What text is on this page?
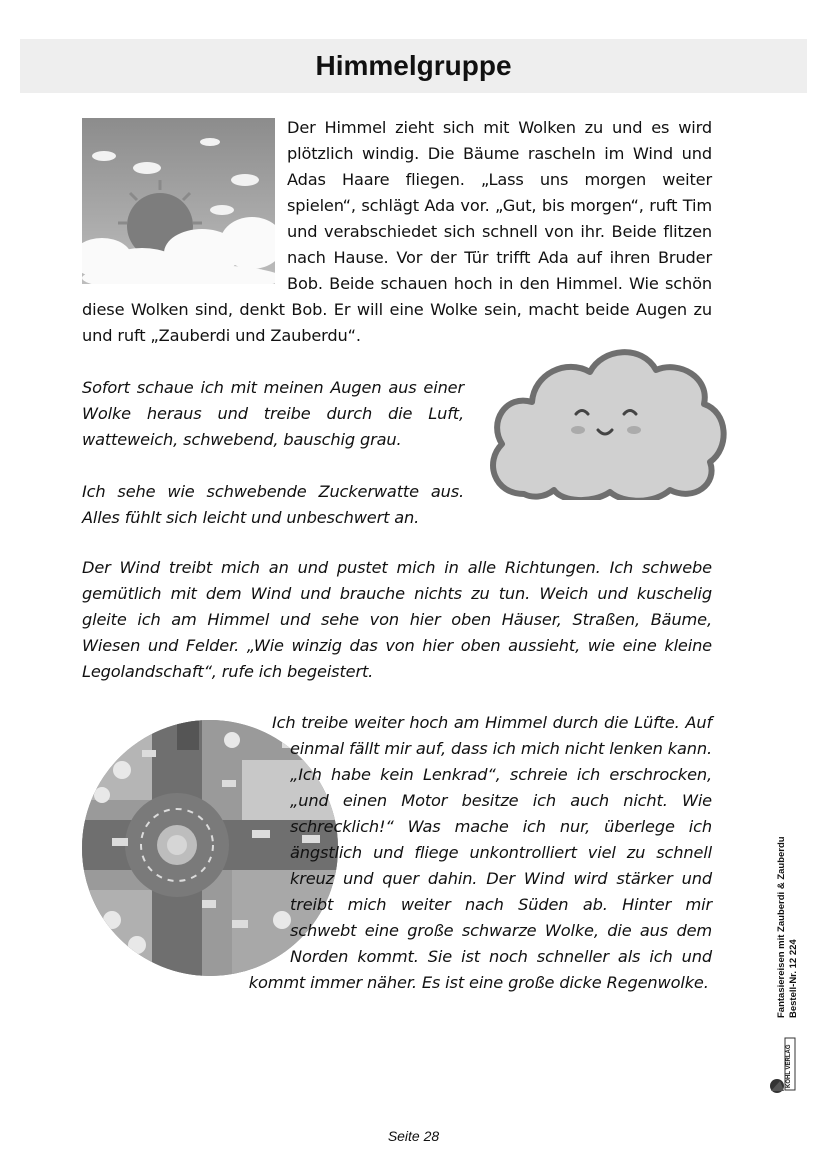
Himmelgruppe

Der Himmel zieht sich mit Wolken zu und es wird plötzlich windig. Die Bäume rascheln im Wind und Adas Haare fliegen. „Lass uns morgen weiter spielen“, schlägt Ada vor. „Gut, bis morgen“, ruft Tim und verabschiedet sich schnell von ihr. Beide flitzen nach Hause. Vor der Tür trifft Ada auf ihren Bruder Bob. Beide schauen hoch in den Himmel. Wie schön diese Wolken sind, denkt Bob. Er will eine Wolke sein, macht beide Augen zu und ruft „Zauberdi und Zauberdu“.

Sofort schaue ich mit meinen Augen aus einer Wolke heraus und treibe durch die Luft, watteweich, schwebend, bauschig grau.

Ich sehe wie schwebende Zuckerwatte aus. Alles fühlt sich leicht und unbeschwert an.

Der Wind treibt mich an und pustet mich in alle Richtungen. Ich schwebe gemütlich mit dem Wind und brauche nichts zu tun. Weich und kuschelig gleite ich am Himmel und sehe von hier oben Häuser, Straßen, Bäume, Wiesen und Felder. „Wie winzig das von hier oben aussieht, wie eine kleine Legolandschaft“, rufe ich begeistert.

Ich treibe weiter hoch am Himmel durch die Lüfte. Auf einmal fällt mir auf, dass ich mich nicht lenken kann. „Ich habe kein Lenkrad“, schreie ich erschrocken, „und einen Motor besitze ich auch nicht. Wie schrecklich!“ Was mache ich nur, überlege ich ängstlich und fliege unkontrolliert viel zu schnell kreuz und quer dahin. Der Wind wird stärker und treibt mich weiter nach Süden ab. Hinter mir schwebt eine große schwarze Wolke, die aus dem Norden kommt. Sie ist noch schneller als ich und kommt immer näher. Es ist eine große dicke Regenwolke.	Fantasiereisen mit Zauberdi & Zauberdu Bestell-Nr. 12 224
KOHL VERLAG
Seite 28
